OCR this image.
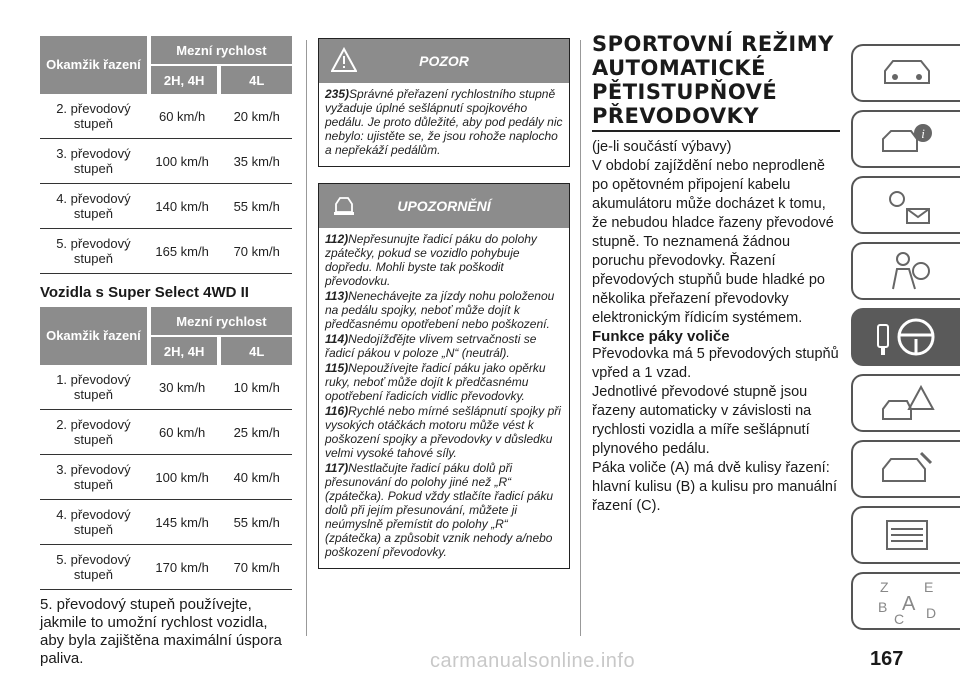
Okamžik řazení	Mezní rychlost		
	2H, 4H		4L
2. převodový stupeň	60 km/h		20 km/h
3. převodový stupeň	100 km/h		35 km/h
4. převodový stupeň	140 km/h		55 km/h
5. převodový stupeň	165 km/h		70 km/h
Vozidla s Super Select 4WD II
Okamžik řazení	Mezní rychlost		
	2H, 4H		4L
1. převodový stupeň	30 km/h		10 km/h
2. převodový stupeň	60 km/h		25 km/h
3. převodový stupeň	100 km/h		40 km/h
4. převodový stupeň	145 km/h		55 km/h
5. převodový stupeň	170 km/h		70 km/h
5. převodový stupeň používejte, jakmile to umožní rychlost vozidla, aby byla zajištěna maximální úspora paliva.
POZOR

235)Správné přeřazení rychlostního stupně vyžaduje úplné sešlápnutí spojkového pedálu. Je proto důležité, aby pod pedály nic nebylo: ujistěte se, že jsou rohože naplocho a nepřekáží pedálům.

UPOZORNĚNÍ

112)Nepřesunujte řadicí páku do polohy zpátečky, pokud se vozidlo pohybuje dopředu. Mohli byste tak poškodit převodovku.

113)Nenechávejte za jízdy nohu položenou na pedálu spojky, neboť může dojít k předčasnému opotřebení nebo poškození.

114)Nedojížďějte vlivem setrvačnosti se řadicí pákou v poloze „N“ (neutrál).

115)Nepoužívejte řadicí páku jako opěrku ruky, neboť může dojít k předčasnému opotřebení řadicích vidlic převodovky.

116)Rychlé nebo mírné sešlápnutí spojky při vysokých otáčkách motoru může vést k poškození spojky a převodovky v důsledku velmi vysoké tahové síly.

117)Nestlačujte řadicí páku dolů při přesunování do polohy jiné než „R“ (zpátečka). Pokud vždy stlačíte řadicí páku dolů při jejím přesunování, můžete ji neúmyslně přemístit do polohy „R“ (zpátečka) a způsobit vznik nehody a/nebo poškození převodovky.

SPORTOVNÍ REŽIMY AUTOMATICKÉ PĚTISTUPŇOVÉ PŘEVODOVKY
(je-li součástí výbavy)
V období zajíždění nebo neprodleně po opětovném připojení kabelu akumulátoru může docházet k tomu, že nebudou hladce řazeny převodové stupně. To neznamená žádnou poruchu převodovky. Řazení převodových stupňů bude hladké po několika přeřazení převodovky elektronickým řídicím systémem.
Funkce páky voliče
Převodovka má 5 převodových stupňů vpřed a 1 vzad.
Jednotlivé převodové stupně jsou řazeny automaticky v závislosti na rychlosti vozidla a míře sešlápnutí plynového pedálu.
Páka voliče (A) má dvě kulisy řazení: hlavní kulisu (B) a kulisu pro manuální řazení (C).
i
Z	E
A
B
C D
167
carmanualsonline.info
